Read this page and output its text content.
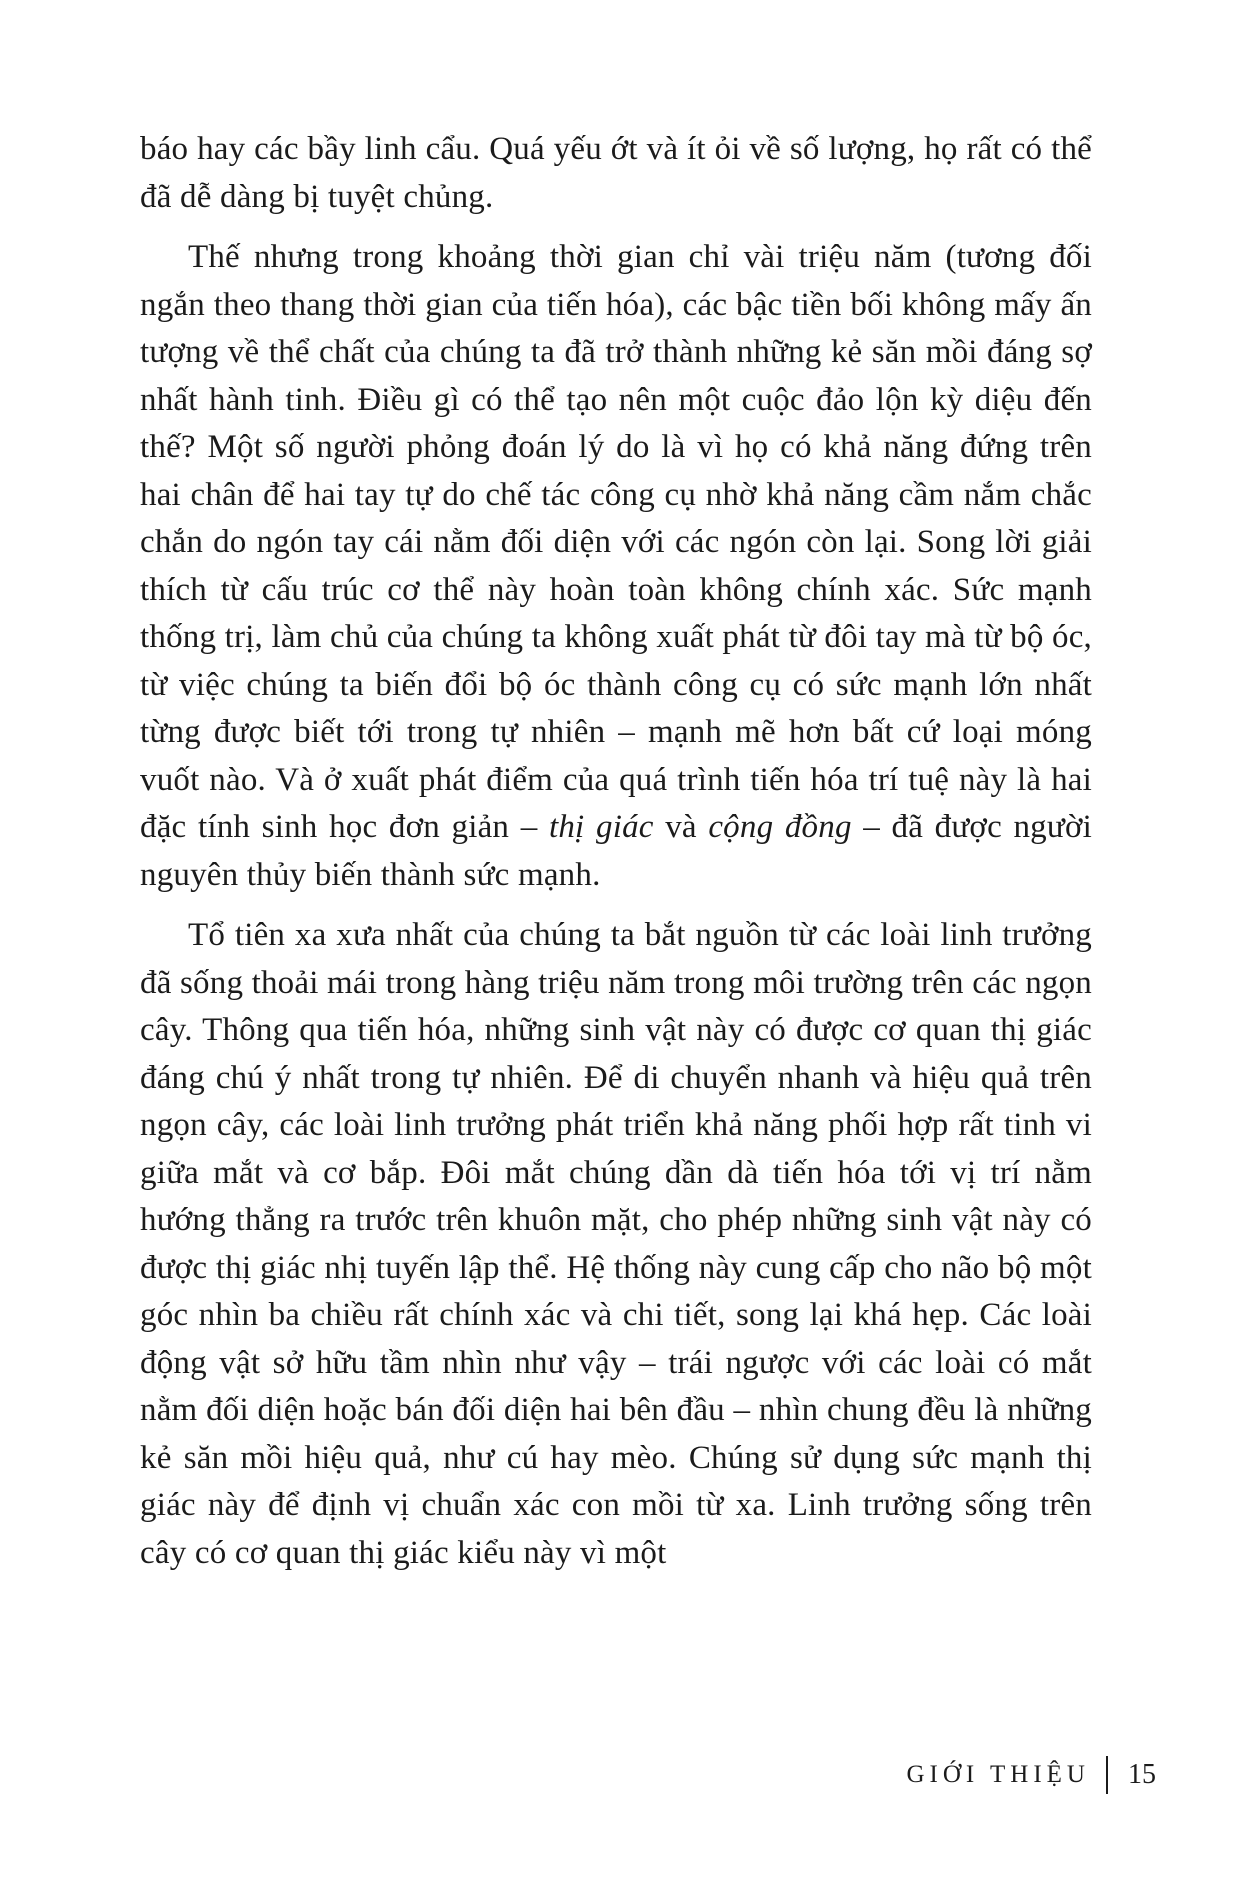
báo hay các bầy linh cẩu. Quá yếu ớt và ít ỏi về số lượng, họ rất có thể đã dễ dàng bị tuyệt chủng.

Thế nhưng trong khoảng thời gian chỉ vài triệu năm (tương đối ngắn theo thang thời gian của tiến hóa), các bậc tiền bối không mấy ấn tượng về thể chất của chúng ta đã trở thành những kẻ săn mồi đáng sợ nhất hành tinh. Điều gì có thể tạo nên một cuộc đảo lộn kỳ diệu đến thế? Một số người phỏng đoán lý do là vì họ có khả năng đứng trên hai chân để hai tay tự do chế tác công cụ nhờ khả năng cầm nắm chắc chắn do ngón tay cái nằm đối diện với các ngón còn lại. Song lời giải thích từ cấu trúc cơ thể này hoàn toàn không chính xác. Sức mạnh thống trị, làm chủ của chúng ta không xuất phát từ đôi tay mà từ bộ óc, từ việc chúng ta biến đổi bộ óc thành công cụ có sức mạnh lớn nhất từng được biết tới trong tự nhiên – mạnh mẽ hơn bất cứ loại móng vuốt nào. Và ở xuất phát điểm của quá trình tiến hóa trí tuệ này là hai đặc tính sinh học đơn giản – thị giác và cộng đồng – đã được người nguyên thủy biến thành sức mạnh.

Tổ tiên xa xưa nhất của chúng ta bắt nguồn từ các loài linh trưởng đã sống thoải mái trong hàng triệu năm trong môi trường trên các ngọn cây. Thông qua tiến hóa, những sinh vật này có được cơ quan thị giác đáng chú ý nhất trong tự nhiên. Để di chuyển nhanh và hiệu quả trên ngọn cây, các loài linh trưởng phát triển khả năng phối hợp rất tinh vi giữa mắt và cơ bắp. Đôi mắt chúng dần dà tiến hóa tới vị trí nằm hướng thẳng ra trước trên khuôn mặt, cho phép những sinh vật này có được thị giác nhị tuyến lập thể. Hệ thống này cung cấp cho não bộ một góc nhìn ba chiều rất chính xác và chi tiết, song lại khá hẹp. Các loài động vật sở hữu tầm nhìn như vậy – trái ngược với các loài có mắt nằm đối diện hoặc bán đối diện hai bên đầu – nhìn chung đều là những kẻ săn mồi hiệu quả, như cú hay mèo. Chúng sử dụng sức mạnh thị giác này để định vị chuẩn xác con mồi từ xa. Linh trưởng sống trên cây có cơ quan thị giác kiểu này vì một

GIỚI THIỆU 15
